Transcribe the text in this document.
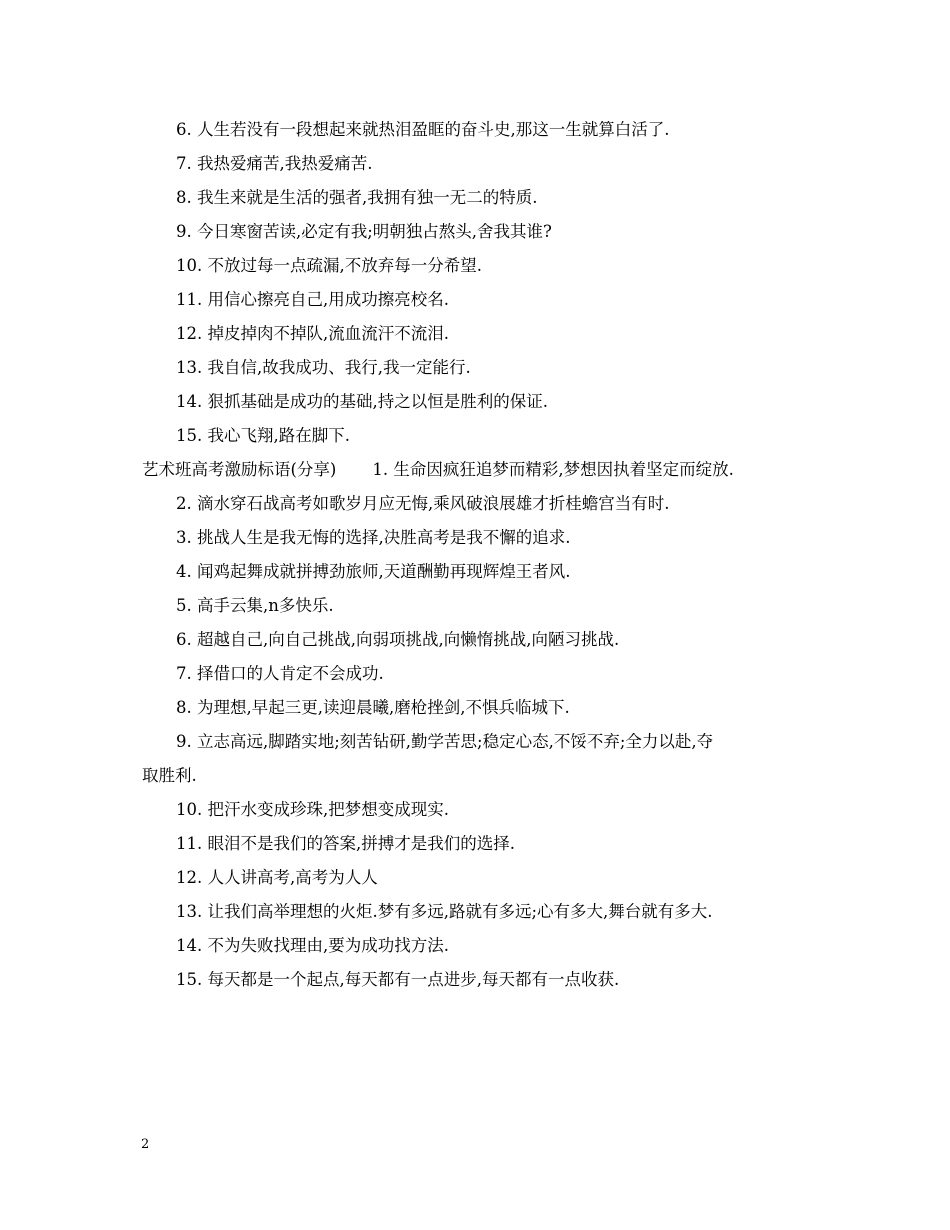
6. 人生若没有一段想起来就热泪盈眶的奋斗史,那这一生就算白活了.
7. 我热爱痛苦,我热爱痛苦.
8. 我生来就是生活的强者,我拥有独一无二的特质.
9. 今日寒窗苦读,必定有我;明朝独占熬头,舍我其谁?
10. 不放过每一点疏漏,不放弃每一分希望.
11. 用信心擦亮自己,用成功擦亮校名.
12. 掉皮掉肉不掉队,流血流汗不流泪.
13. 我自信,故我成功、我行,我一定能行.
14. 狠抓基础是成功的基础,持之以恒是胜利的保证.
15. 我心飞翔,路在脚下.
艺术班高考激励标语(分享) 1. 生命因疯狂追梦而精彩,梦想因执着坚定而绽放.
2. 滴水穿石战高考如歌岁月应无悔,乘风破浪展雄才折桂蟾宫当有时.
3. 挑战人生是我无悔的选择,决胜高考是我不懈的追求.
4. 闻鸡起舞成就拼搏劲旅师,天道酬勤再现辉煌王者风.
5. 高手云集,n多快乐.
6. 超越自己,向自己挑战,向弱项挑战,向懒惰挑战,向陋习挑战.
7. 择借口的人肯定不会成功.
8. 为理想,早起三更,读迎晨曦,磨枪挫剑,不惧兵临城下.
9. 立志高远,脚踏实地;刻苦钻研,勤学苦思;稳定心态,不馁不弃;全力以赴,夺
取胜利.
10. 把汗水变成珍珠,把梦想变成现实.
11. 眼泪不是我们的答案,拼搏才是我们的选择.
12. 人人讲高考,高考为人人
13. 让我们高举理想的火炬.梦有多远,路就有多远;心有多大,舞台就有多大.
14. 不为失败找理由,要为成功找方法.
15. 每天都是一个起点,每天都有一点进步,每天都有一点收获.
2
